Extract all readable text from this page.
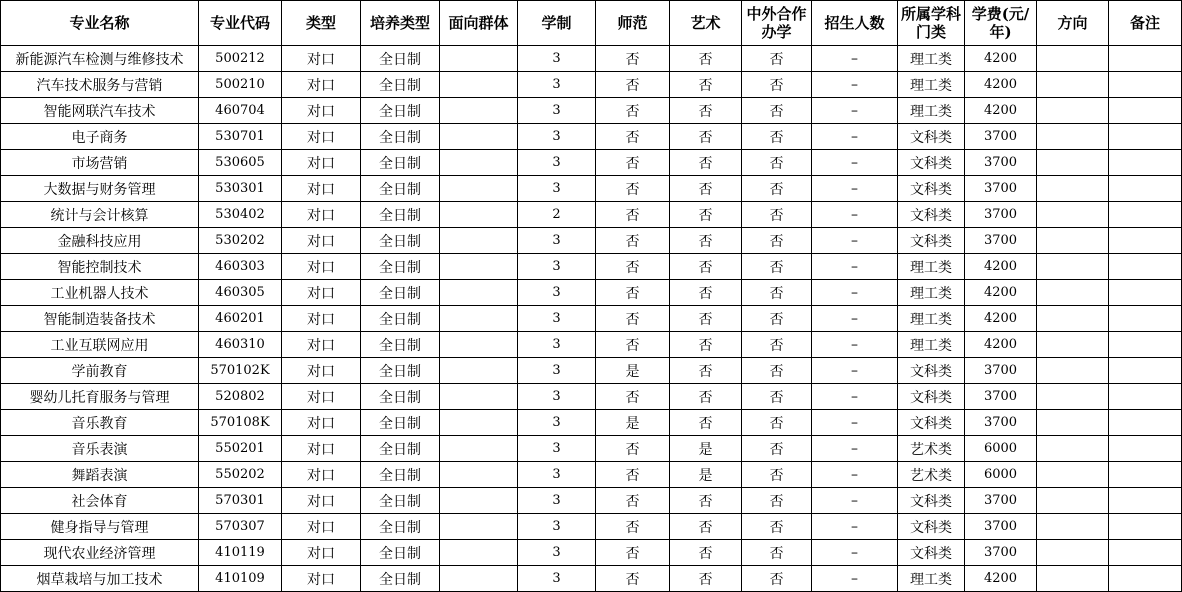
专业名称	专业代码	类型	培养类型	面向群体	学制	师范	艺术	中外合作办学	招生人数	所属学科门类	学费(元/年)	方向	备注
新能源汽车检测与维修技术	500212	对口	全日制		3	否	否	否	–	理工类	4200		
汽车技术服务与营销	500210	对口	全日制		3	否	否	否	–	理工类	4200		
智能网联汽车技术	460704	对口	全日制		3	否	否	否	–	理工类	4200		
电子商务	530701	对口	全日制		3	否	否	否	–	文科类	3700		
市场营销	530605	对口	全日制		3	否	否	否	–	文科类	3700		
大数据与财务管理	530301	对口	全日制		3	否	否	否	–	文科类	3700		
统计与会计核算	530402	对口	全日制		2	否	否	否	–	文科类	3700		
金融科技应用	530202	对口	全日制		3	否	否	否	–	文科类	3700		
智能控制技术	460303	对口	全日制		3	否	否	否	–	理工类	4200		
工业机器人技术	460305	对口	全日制		3	否	否	否	–	理工类	4200		
智能制造装备技术	460201	对口	全日制		3	否	否	否	–	理工类	4200		
工业互联网应用	460310	对口	全日制		3	否	否	否	–	理工类	4200		
学前教育	570102K	对口	全日制		3	是	否	否	–	文科类	3700		
婴幼儿托育服务与管理	520802	对口	全日制		3	否	否	否	–	文科类	3700		
音乐教育	570108K	对口	全日制		3	是	否	否	–	文科类	3700		
音乐表演	550201	对口	全日制		3	否	是	否	–	艺术类	6000		
舞蹈表演	550202	对口	全日制		3	否	是	否	–	艺术类	6000		
社会体育	570301	对口	全日制		3	否	否	否	–	文科类	3700		
健身指导与管理	570307	对口	全日制		3	否	否	否	–	文科类	3700		
现代农业经济管理	410119	对口	全日制		3	否	否	否	–	文科类	3700		
烟草栽培与加工技术	410109	对口	全日制		3	否	否	否	–	理工类	4200		
